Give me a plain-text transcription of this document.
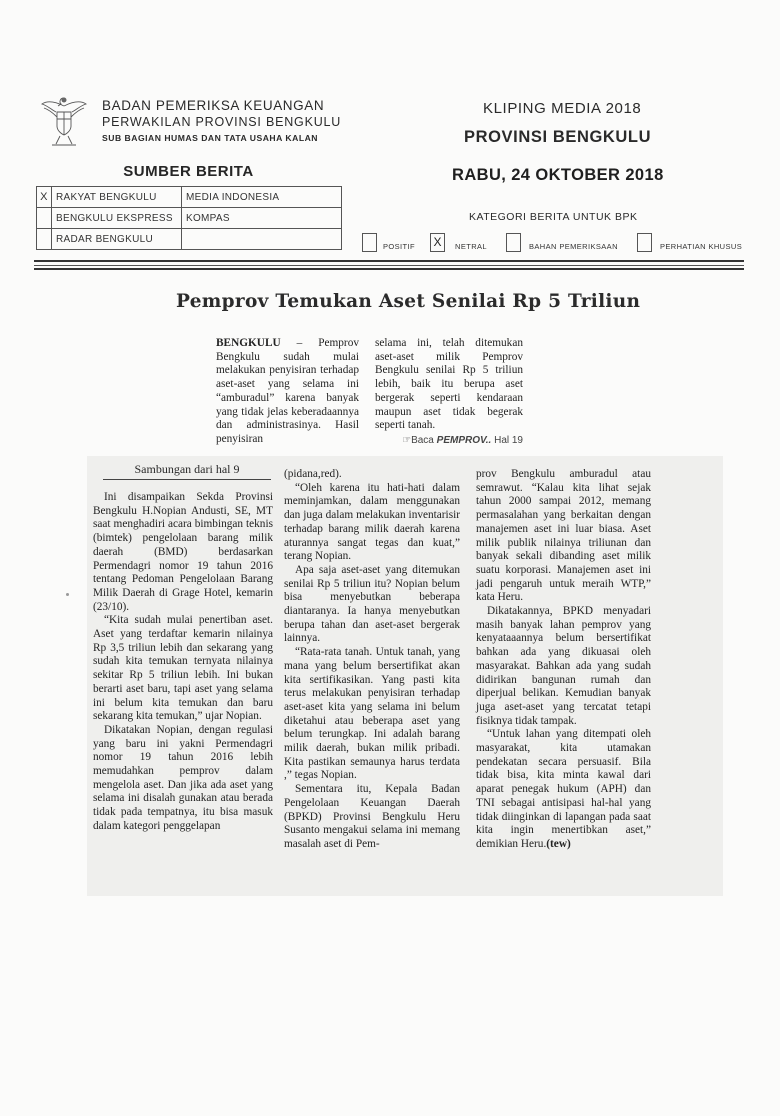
BADAN PEMERIKSA KEUANGAN
PERWAKILAN PROVINSI BENGKULU
SUB BAGIAN HUMAS DAN TATA USAHA KALAN
SUMBER BERITA
X	RAKYAT BENGKULU	MEDIA INDONESIA
	BENGKULU EKSPRESS	KOMPAS
	RADAR BENGKULU	
KLIPING MEDIA 2018
PROVINSI BENGKULU
RABU, 24 OKTOBER 2018
KATEGORI BERITA UNTUK BPK
POSITIF X	NETRAL	BAHAN PEMERIKSAAN	PERHATIAN KHUSUS
Pemprov Temukan Aset Senilai Rp 5 Triliun
BENGKULU – Pemprov Bengkulu sudah mulai melakukan penyisiran terhadap aset-aset yang selama ini “amburadul” karena banyak yang tidak jelas keberadaannya dan administrasinya. Hasil penyisiran
selama ini, telah ditemukan aset-aset milik Pemprov Bengkulu senilai Rp 5 triliun lebih, baik itu berupa aset bergerak seperti kendaraan maupun aset tidak begerak seperti tanah.
☞Baca PEMPROV.. Hal 19
Sambungan dari hal 9

Ini disampaikan Sekda Provinsi Bengkulu H.Nopian Andusti, SE, MT saat menghadiri acara bimbingan teknis (bimtek) pengelolaan barang milik daerah (BMD) berdasarkan Permendagri nomor 19 tahun 2016 tentang Pedoman Pengelolaan Barang Milik Daerah di Grage Hotel, kemarin (23/10).

“Kita sudah mulai penertiban aset. Aset yang terdaftar kemarin nilainya Rp 3,5 triliun lebih dan sekarang yang sudah kita temukan ternyata nilainya sekitar Rp 5 triliun lebih. Ini bukan berarti aset baru, tapi aset yang selama ini belum kita temukan dan baru sekarang kita temukan,” ujar Nopian.

Dikatakan Nopian, dengan regulasi yang baru ini yakni Permendagri nomor 19 tahun 2016 lebih memudahkan pemprov dalam mengelola aset. Dan jika ada aset yang selama ini disalah gunakan atau berada tidak pada tempatnya, itu bisa masuk dalam kategori penggelapan

(pidana,red).

“Oleh karena itu hati-hati dalam meminjamkan, dalam menggunakan dan juga dalam melakukan inventarisir terhadap barang milik daerah karena aturannya sangat tegas dan kuat,” terang Nopian.

Apa saja aset-aset yang ditemukan senilai Rp 5 triliun itu? Nopian belum bisa menyebutkan beberapa diantaranya. Ia hanya menyebutkan berupa tahan dan aset-aset bergerak lainnya.

“Rata-rata tanah. Untuk tanah, yang mana yang belum bersertifikat akan kita sertifikasikan. Yang pasti kita terus melakukan penyisiran terhadap aset-aset kita yang selama ini belum diketahui atau beberapa aset yang belum terungkap. Ini adalah barang milik daerah, bukan milik pribadi. Kita pastikan semaunya harus terdata ,” tegas Nopian.

Sementara itu, Kepala Badan Pengelolaan Keuangan Daerah (BPKD) Provinsi Bengkulu Heru Susanto mengakui selama ini memang masalah aset di Pem-

prov Bengkulu amburadul atau semrawut. “Kalau kita lihat sejak tahun 2000 sampai 2012, memang permasalahan yang berkaitan dengan manajemen aset ini luar biasa. Aset milik publik nilainya triliunan dan banyak sekali dibanding aset milik suatu korporasi. Manajemen aset ini jadi pengaruh untuk meraih WTP,” kata Heru.

Dikatakannya, BPKD menyadari masih banyak lahan pemprov yang kenyataaannya belum bersertifikat bahkan ada yang dikuasai oleh masyarakat. Bahkan ada yang sudah didirikan bangunan rumah dan diperjual belikan. Kemudian banyak juga aset-aset yang tercatat tetapi fisiknya tidak tampak.

“Untuk lahan yang ditempati oleh masyarakat, kita utamakan pendekatan secara persuasif. Bila tidak bisa, kita minta kawal dari aparat penegak hukum (APH) dan TNI sebagai antisipasi hal-hal yang tidak diinginkan di lapangan pada saat kita ingin menertibkan aset,” demikian Heru.(tew)
